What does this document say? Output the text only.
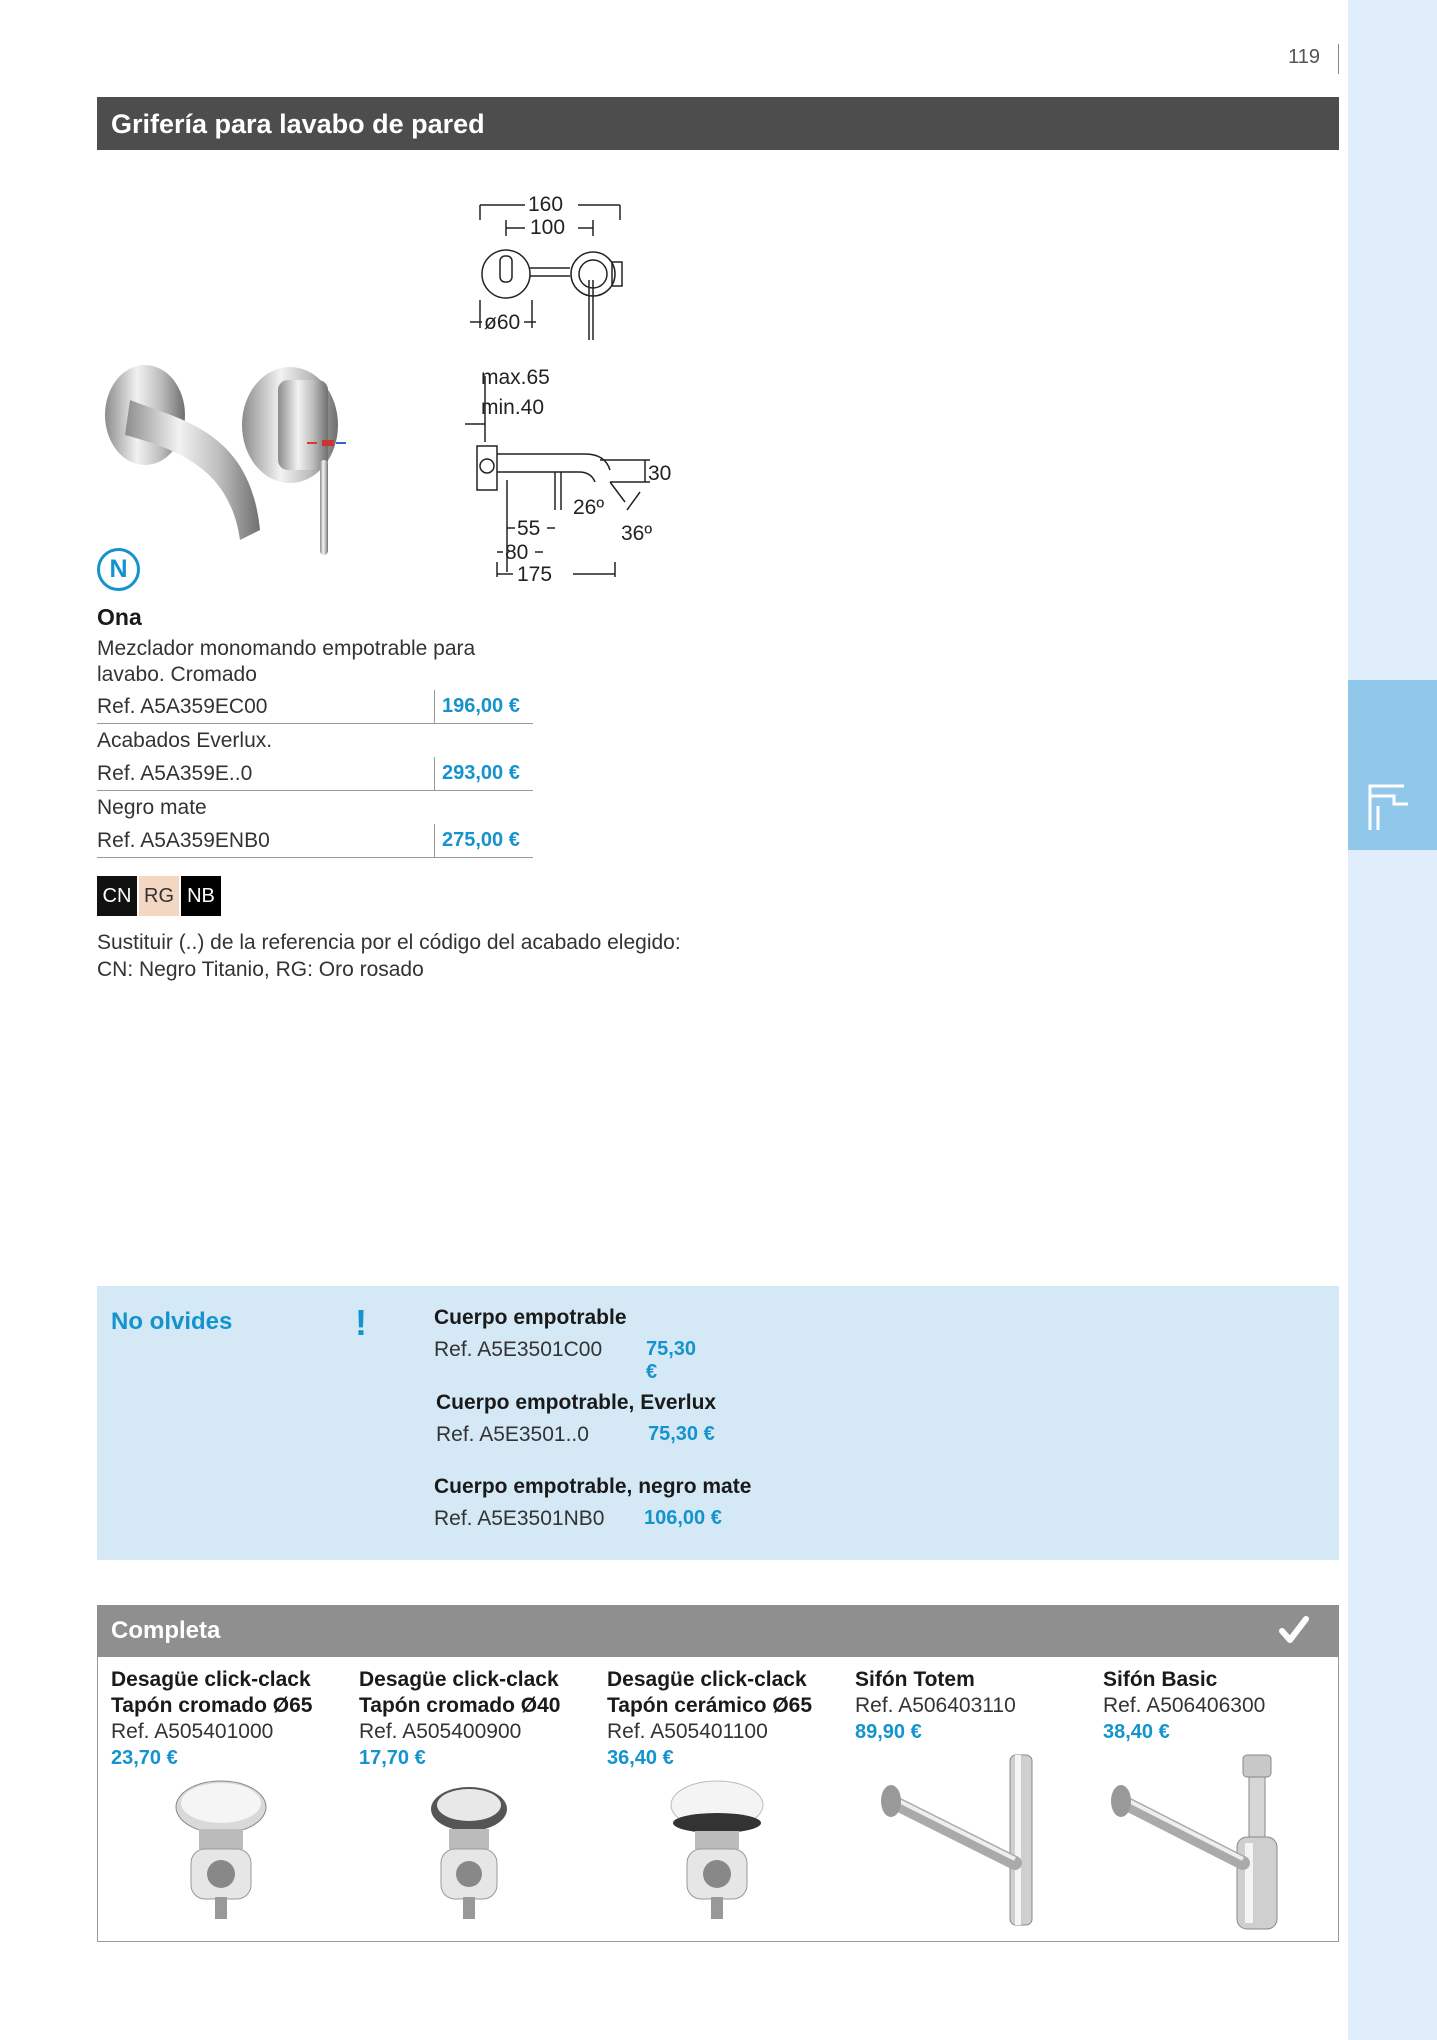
119
Grifería para lavabo de pared
160
100
ø60
max.65
min.40
30
26º
36º
55
80
175
N
Ona
Mezclador monomando empotrable para lavabo. Cromado
Ref. A5A359EC00	196,00 €
Acabados Everlux.
Ref. A5A359E..0	293,00 €
Negro mate
Ref. A5A359ENB0	275,00 €
CN RG NB
Sustituir (..) de la referencia por el código del acabado elegido:
CN: Negro Titanio, RG: Oro rosado
No olvides	!	Cuerpo empotrable
Ref. A5E3501C00 75,30 €
Cuerpo empotrable, Everlux
Ref. A5E3501..0	75,30 €
Cuerpo empotrable, negro mate
Ref. A5E3501NB0 106,00 €
Completa
Desagüe click-clack
Tapón cromado Ø65
Ref. A505401000
23,70 €
Desagüe click-clack
Tapón cromado Ø40
Ref. A505400900
17,70 €
Desagüe click-clack
Tapón cerámico Ø65
Ref. A505401100
36,40 €
Sifón Totem
Ref. A506403110
89,90 €
Sifón Basic
Ref. A506406300
38,40 €
